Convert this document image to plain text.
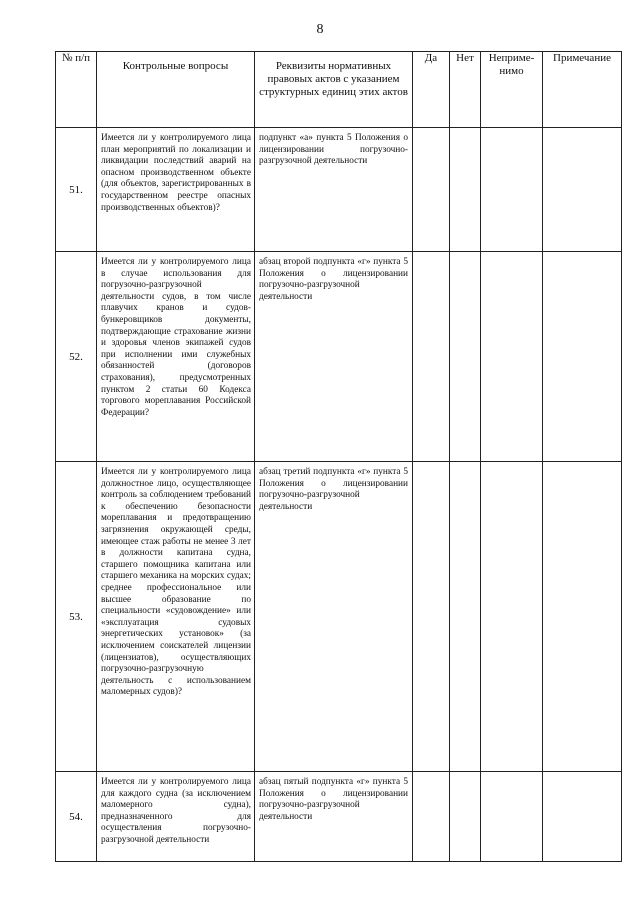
8
№ п/п	Контрольные вопросы	Реквизиты нормативных правовых актов с указанием структурных единиц этих актов	Да	Нет	Неприме-нимо	Примечание
51.	Имеется ли у контролируемого лица план мероприятий по локализации и ликвидации последствий аварий на опасном производственном объекте (для объектов, зарегистрированных в государственном реестре опасных производственных объектов)?	подпункт «а» пункта 5 Положения о лицензировании погрузочно-разгрузочной деятельности				
52.	Имеется ли у контролируемого лица в случае использования для погрузочно-разгрузочной деятельности судов, в том числе плавучих кранов и судов-бункеровщиков документы, подтверждающие страхование жизни и здоровья членов экипажей судов при исполнении ими служебных обязанностей (договоров страхования), предусмотренных пунктом 2 статьи 60 Кодекса торгового мореплавания Российской Федерации?	абзац второй подпункта «г» пункта 5 Положения о лицензировании погрузочно-разгрузочной деятельности				
53.	Имеется ли у контролируемого лица должностное лицо, осуществляющее контроль за соблюдением требований к обеспечению безопасности мореплавания и предотвращению загрязнения окружающей среды, имеющее стаж работы не менее 3 лет в должности капитана судна, старшего помощника капитана или старшего механика на морских судах; среднее профессиональное или высшее образование по специальности «судовождение» или «эксплуатация судовых энергетических установок» (за исключением соискателей лицензии (лицензиатов), осуществляющих погрузочно-разгрузочную деятельность с использованием маломерных судов)?	абзац третий подпункта «г» пункта 5 Положения о лицензировании погрузочно-разгрузочной деятельности				
54.	Имеется ли у контролируемого лица для каждого судна (за исключением маломерного судна), предназначенного для осуществления погрузочно-разгрузочной деятельности	абзац пятый подпункта «г» пункта 5 Положения о лицензировании погрузочно-разгрузочной деятельности				
